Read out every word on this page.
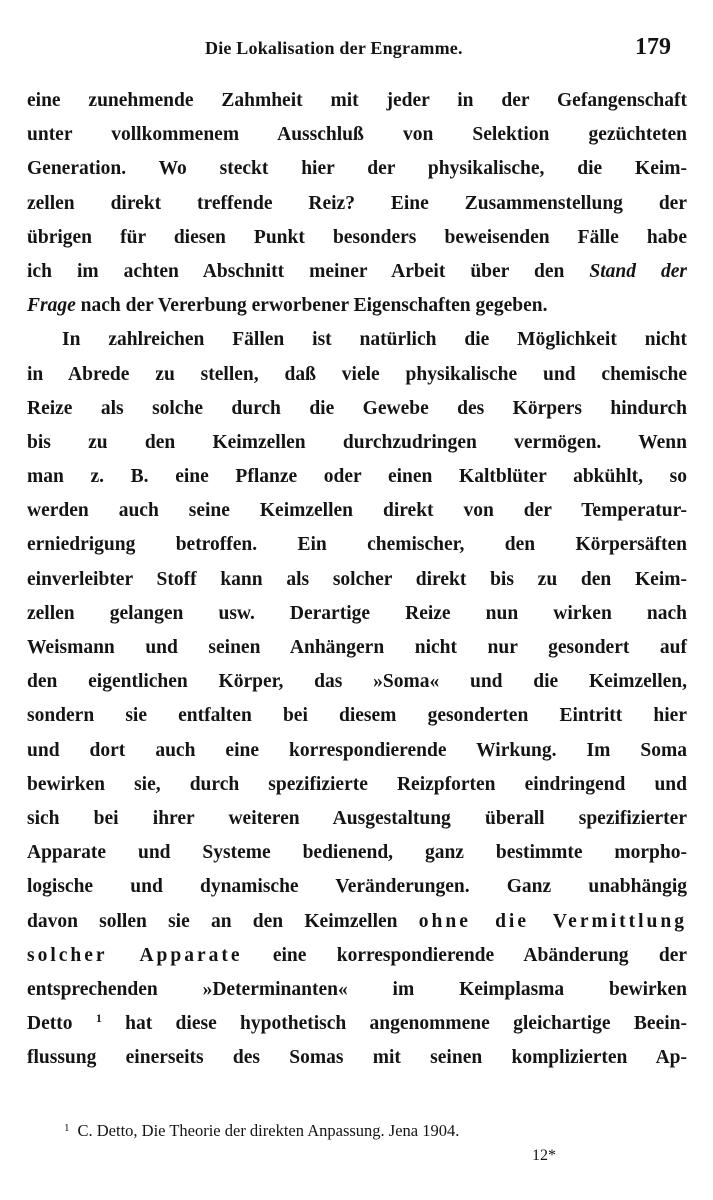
Die Lokalisation der Engramme.	179
eine zunehmende Zahmheit mit jeder in der Gefangenschaft
unter vollkommenem Ausschluß von Selektion gezüchteten
Generation. Wo steckt hier der physikalische, die Keim-
zellen direkt treffende Reiz? Eine Zusammenstellung der
übrigen für diesen Punkt besonders beweisenden Fälle habe
ich im achten Abschnitt meiner Arbeit über den Stand der
Frage nach der Vererbung erworbener Eigenschaften gegeben.
In zahlreichen Fällen ist natürlich die Möglichkeit nicht
in Abrede zu stellen, daß viele physikalische und chemische
Reize als solche durch die Gewebe des Körpers hindurch
bis zu den Keimzellen durchzudringen vermögen. Wenn
man z. B. eine Pflanze oder einen Kaltblüter abkühlt, so
werden auch seine Keimzellen direkt von der Temperatur-
erniedrigung betroffen. Ein chemischer, den Körpersäften
einverleibter Stoff kann als solcher direkt bis zu den Keim-
zellen gelangen usw. Derartige Reize nun wirken nach
Weismann und seinen Anhängern nicht nur gesondert auf
den eigentlichen Körper, das »Soma« und die Keimzellen,
sondern sie entfalten bei diesem gesonderten Eintritt hier
und dort auch eine korrespondierende Wirkung. Im Soma
bewirken sie, durch spezifizierte Reizpforten eindringend und
sich bei ihrer weiteren Ausgestaltung überall spezifizierter
Apparate und Systeme bedienend, ganz bestimmte morpho-
logische und dynamische Veränderungen. Ganz unabhängig
davon sollen sie an den Keimzellen ohne die Vermittlung
solcher Apparate eine korrespondierende Abänderung der
entsprechenden »Determinanten« im Keimplasma bewirken
Detto $^1$ hat diese hypothetisch angenommene gleichartige Beein-
flussung einerseits des Somas mit seinen komplizierten Ap-
$^1$ C. Detto, Die Theorie der direkten Anpassung. Jena 1904.
12*
